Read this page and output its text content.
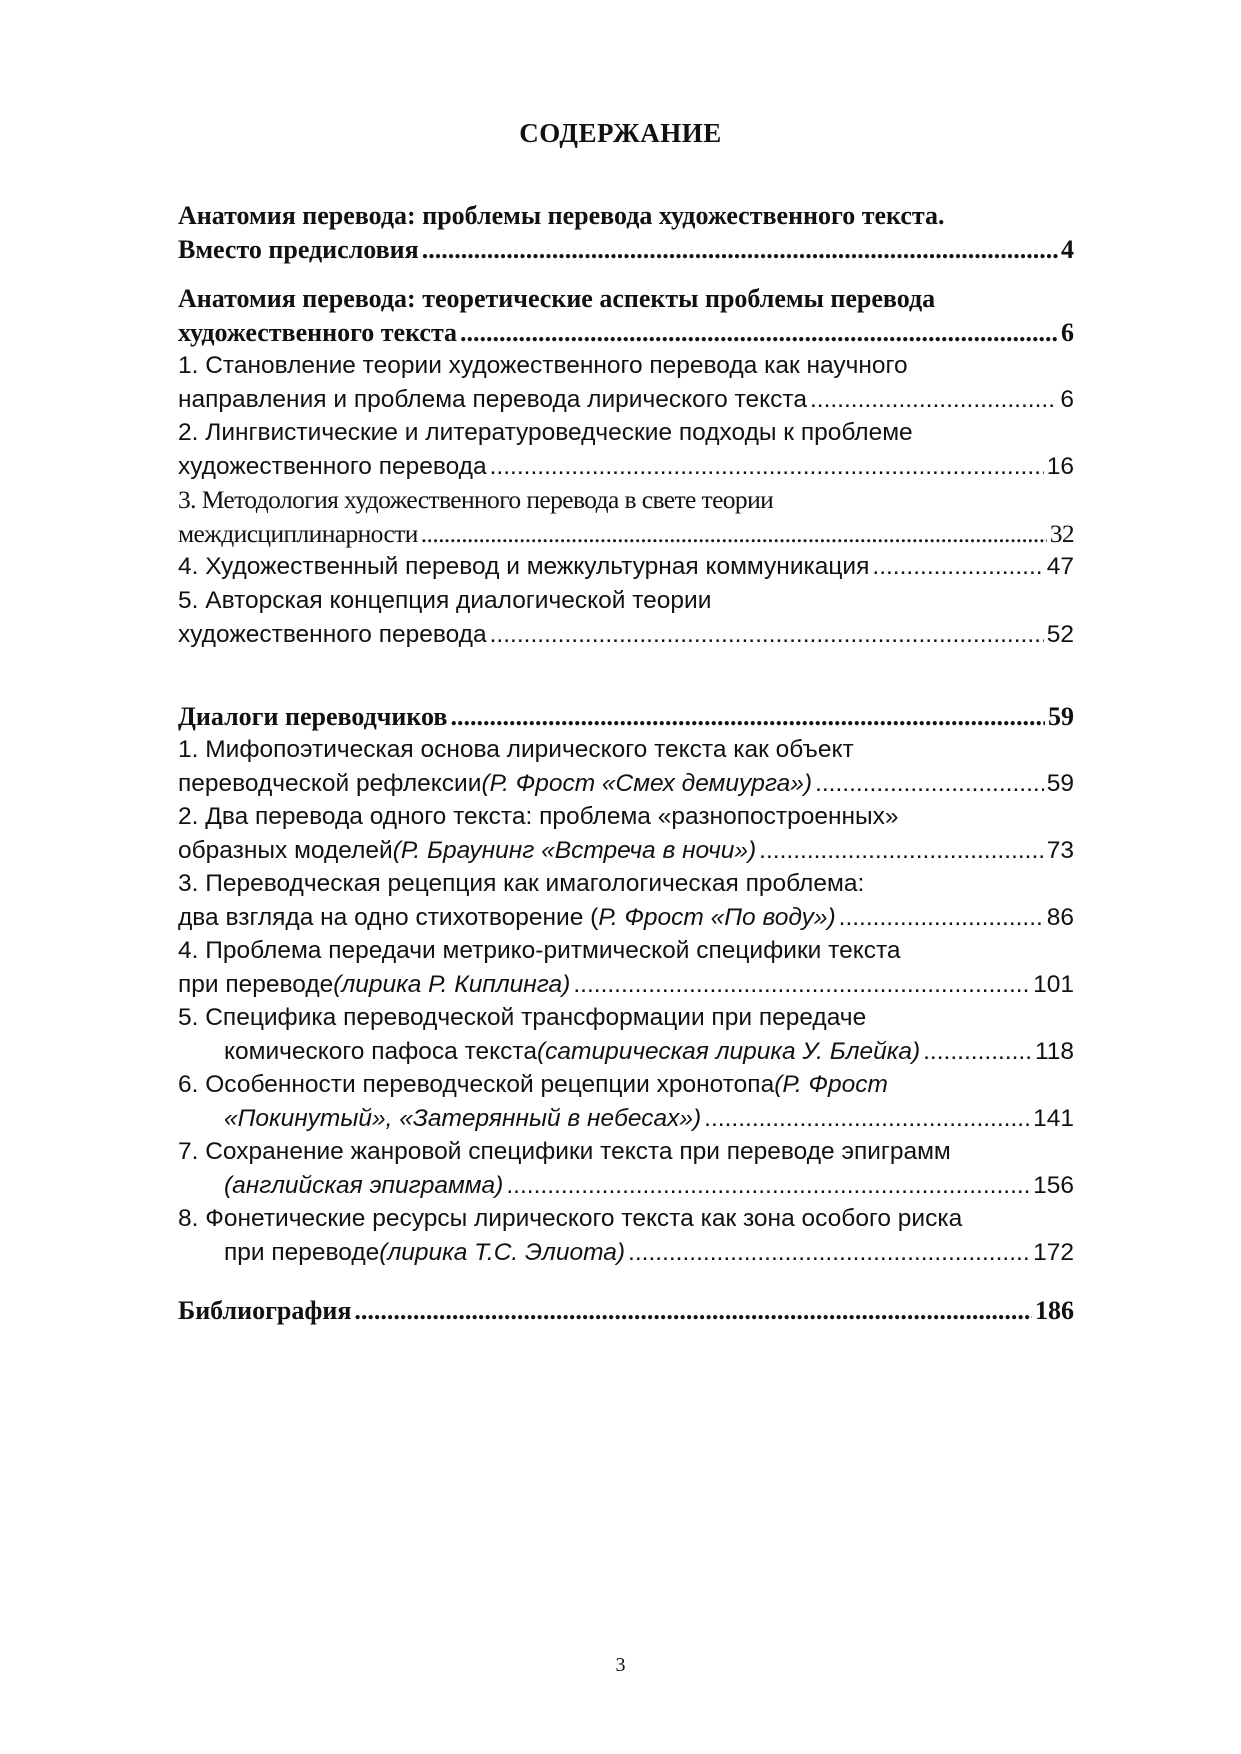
СОДЕРЖАНИЕ
Анатомия перевода: проблемы перевода художественного текста.
Вместо предисловия .....	4
Анатомия перевода: теоретические аспекты проблемы перевода
художественного текста .....	6
1. Становление теории художественного перевода как научного
направления и проблема перевода лирического текста .....	6
2. Лингвистические и литературоведческие подходы к проблеме
художественного перевода .....	16
3. Методология художественного перевода в свете теории
междисциплинарности .....	32
4. Художественный перевод и межкультурная коммуникация .....	47
5. Авторская концепция диалогической теории
художественного перевода .....	52
Диалоги переводчиков .....	59
1. Мифопоэтическая основа лирического текста как объект
переводческой рефлексии (Р. Фрост «Смех демиурга») .....	59
2. Два перевода одного текста: проблема «разнопостроенных»
образных моделей (Р. Браунинг «Встреча в ночи») .....	73
3. Переводческая рецепция как имагологическая проблема:
два взгляда на одно стихотворение ( Р. Фрост «По воду») .....	86
4. Проблема передачи метрико-ритмической специфики текста
при переводе (лирика Р. Киплинга) .....	101
5. Специфика переводческой трансформации при передаче
комического пафоса текста (сатирическая лирика У. Блейка) .....	118
6. Особенности переводческой рецепции хронотопа (Р. Фрост
«Покинутый», «Затерянный в небесах») .....	141
7. Сохранение жанровой специфики текста при переводе эпиграмм
(английская эпиграмма) .....	156
8. Фонетические ресурсы лирического текста как зона особого риска
при переводе (лирика Т.С. Элиота) .....	172
Библиография .....	186
3
